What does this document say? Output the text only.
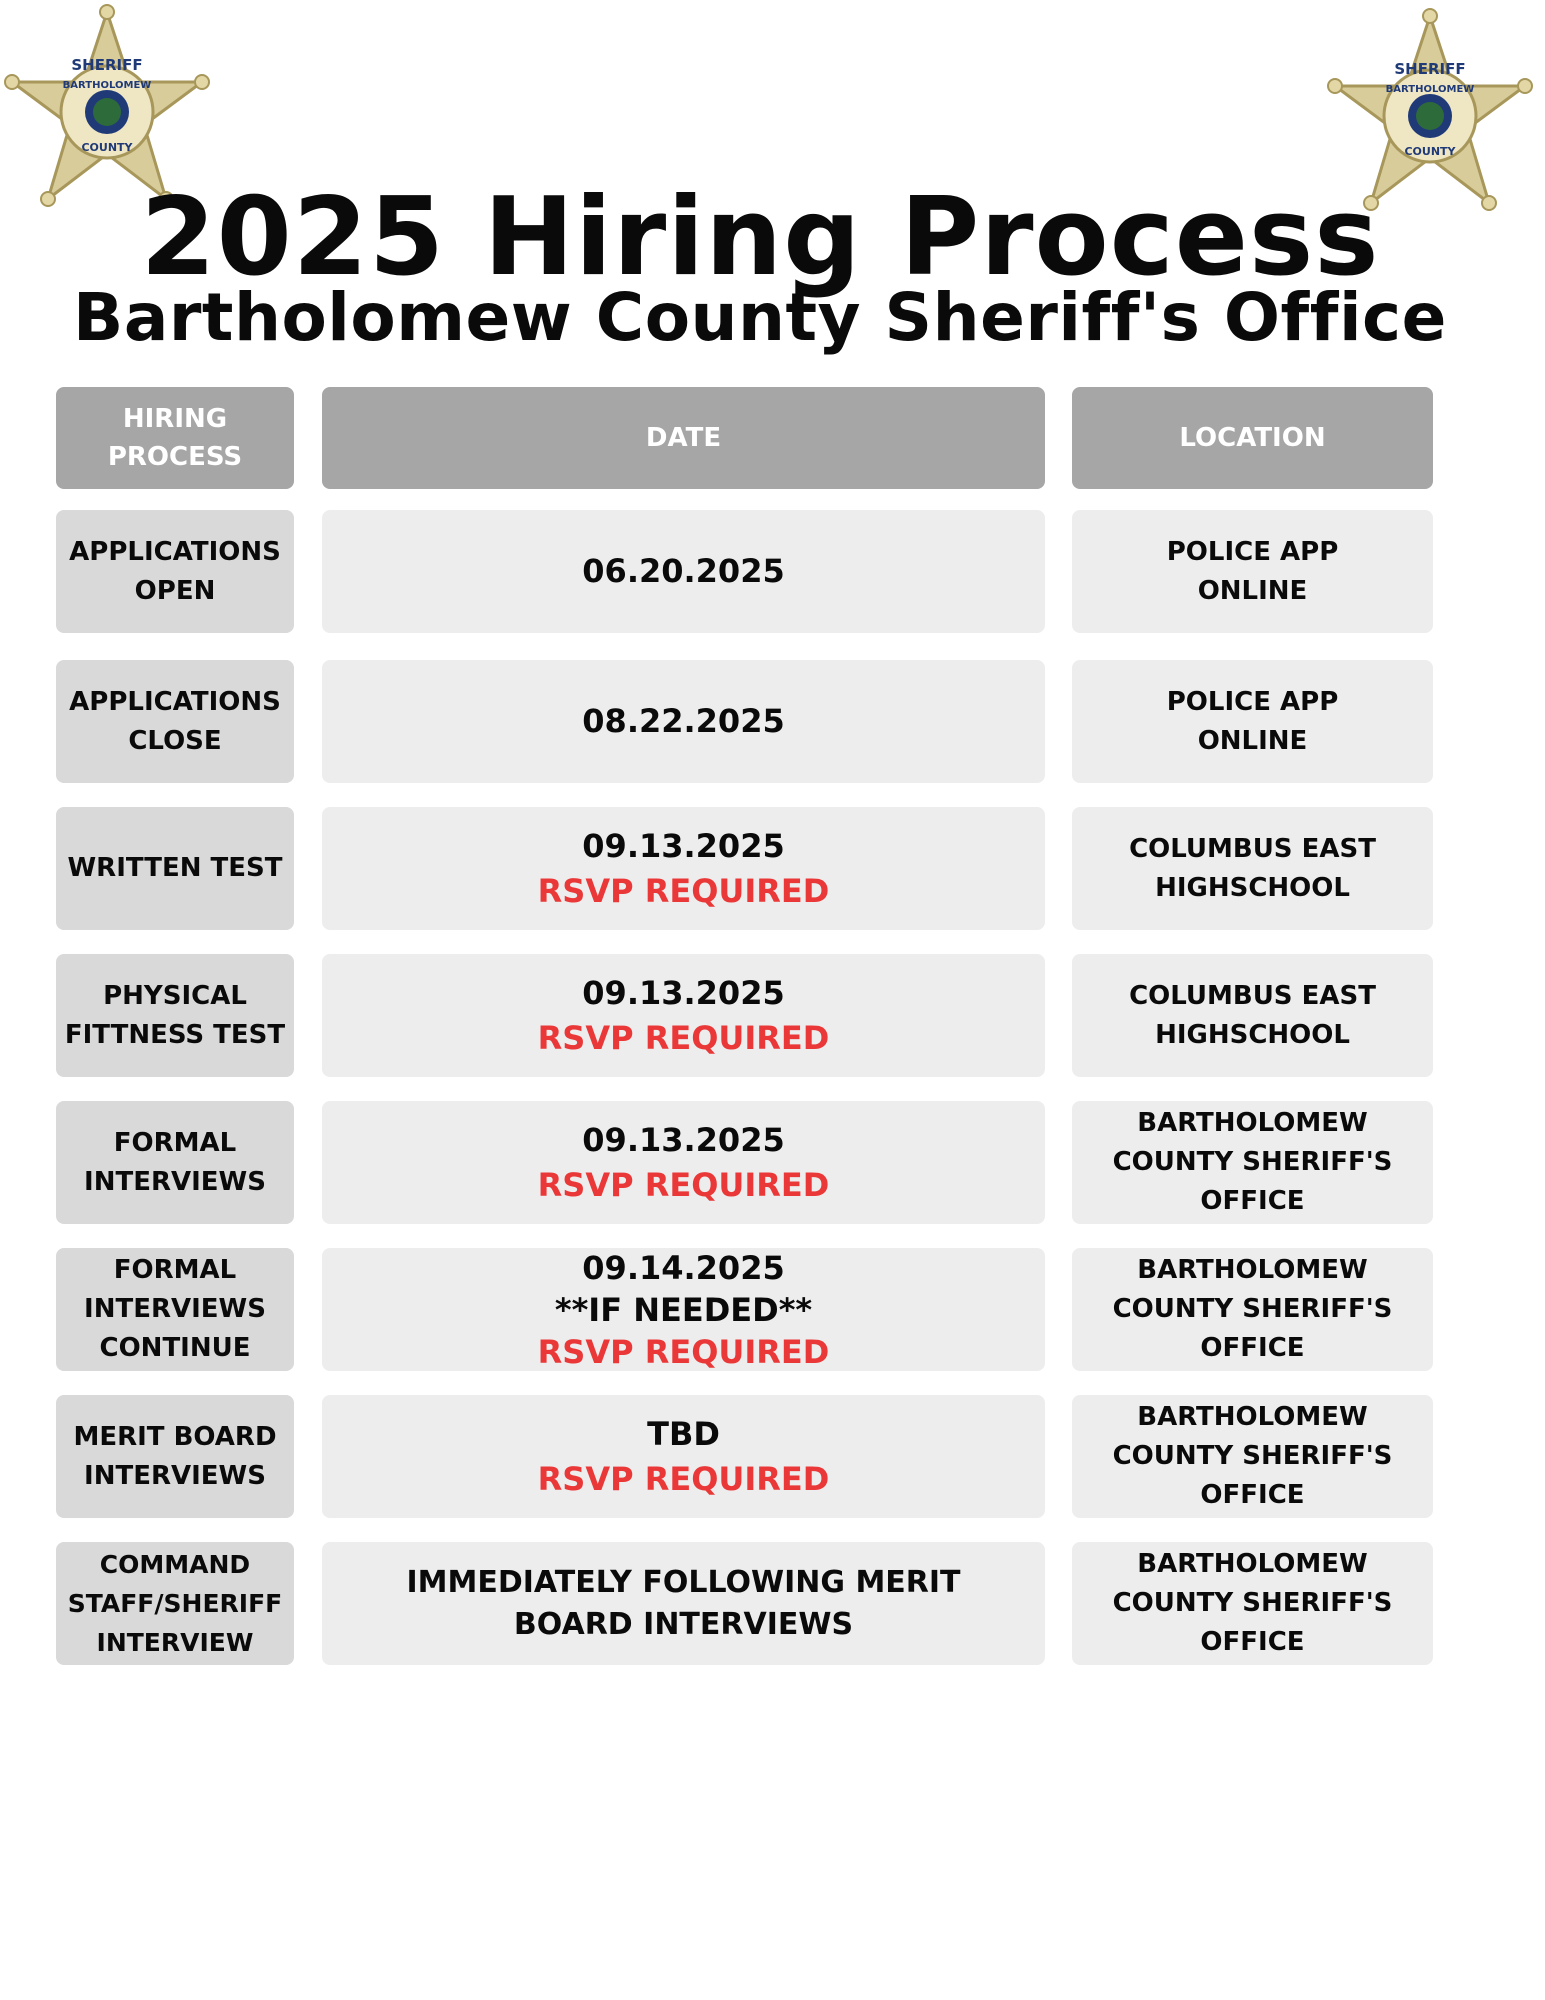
SHERIFF
BARTHOLOMEW
COUNTY
SHERIFF
BARTHOLOMEW
COUNTY
2025 Hiring Process
Bartholomew County Sheriff's Office
HIRING PROCESS
DATE	LOCATION
APPLICATIONS OPEN
06.20.2025
POLICE APP ONLINE
APPLICATIONS CLOSE
08.22.2025
POLICE APP ONLINE
WRITTEN TEST
09.13.2025
RSVP REQUIRED
COLUMBUS EAST HIGHSCHOOL
PHYSICAL FITTNESS TEST
09.13.2025
RSVP REQUIRED
COLUMBUS EAST HIGHSCHOOL
FORMAL INTERVIEWS
09.13.2025
RSVP REQUIRED
BARTHOLOMEW COUNTY SHERIFF'S OFFICE
FORMAL INTERVIEWS CONTINUE
09.14.2025
**IF NEEDED**
RSVP REQUIRED
BARTHOLOMEW COUNTY SHERIFF'S OFFICE
MERIT BOARD INTERVIEWS
TBD
RSVP REQUIRED
BARTHOLOMEW COUNTY SHERIFF'S OFFICE
COMMAND STAFF/SHERIFF INTERVIEW
IMMEDIATELY FOLLOWING MERIT BOARD INTERVIEWS
BARTHOLOMEW COUNTY SHERIFF'S OFFICE
